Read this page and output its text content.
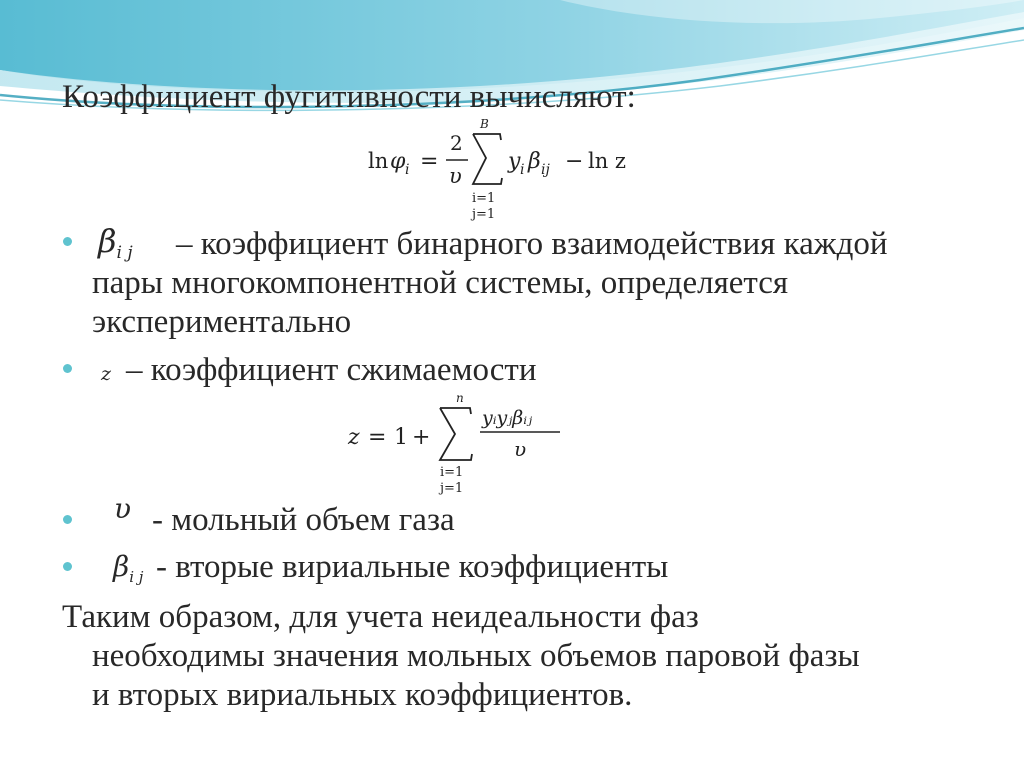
Коэффициент фугитивности вычисляют:
ln φ i =
2
υ
B
i=1
j=1
y i β ij − ln z
βi j – коэффициент бинарного взаимодействия каждой
пары многокомпонентной системы, определяется
экспериментально
z – коэффициент сжимаемости
z = 1 +
n
i=1
j=1
yᵢyⱼβᵢⱼ
υ
υ - мольный объем газа
βi j - вторые вириальные коэффициенты
Таким образом, для учета неидеальности фаз
необходимы значения мольных объемов паровой фазы
и вторых вириальных коэффициентов.
